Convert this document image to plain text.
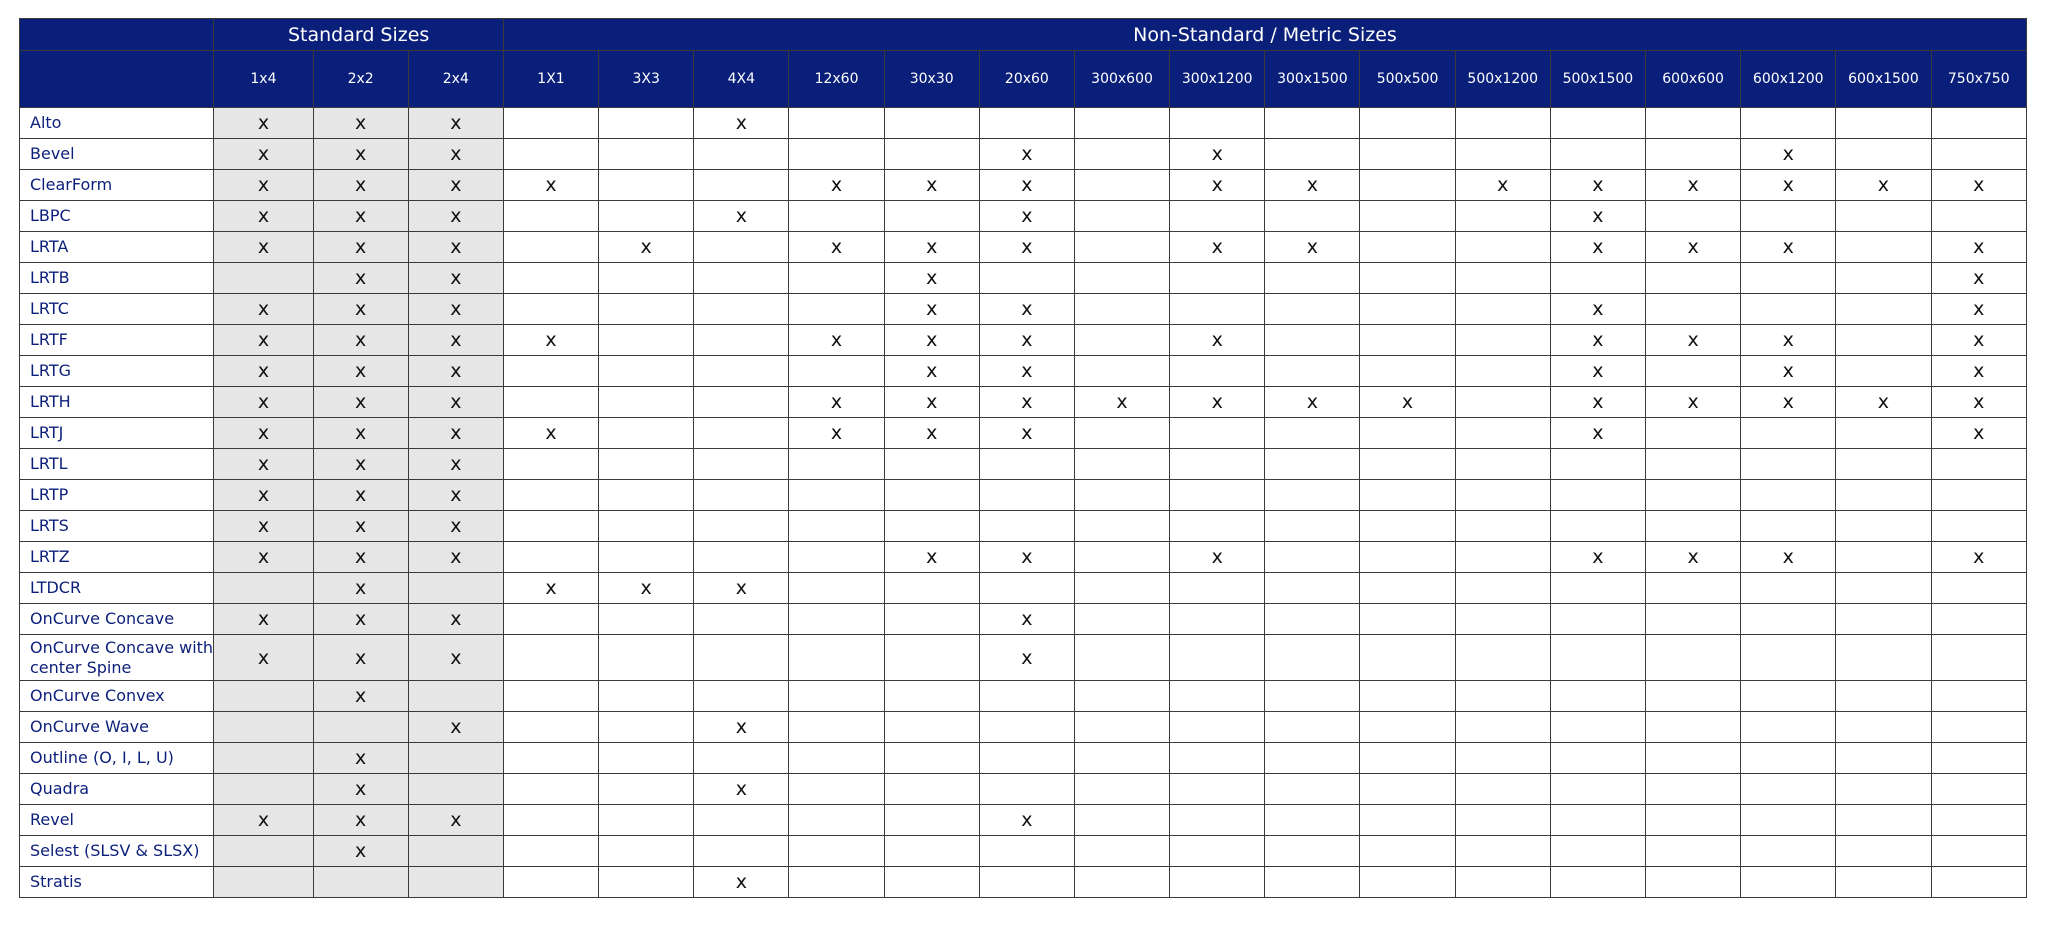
	Standard Sizes			Non-Standard / Metric Sizes															
	1x4	2x2	2x4	1X1	3X3	4X4	12x60	30x30	20x60	300x600	300x1200	300x1500	500x500	500x1200	500x1500	600x600	600x1200	600x1500	750x750
Alto	x	x	x			x													
Bevel	x	x	x						x		x						x		
ClearForm	x	x	x	x			x	x	x		x	x		x	x	x	x	x	x
LBPC	x	x	x			x			x						x				
LRTA	x	x	x		x		x	x	x		x	x			x	x	x		x
LRTB		x	x					x											x
LRTC	x	x	x					x	x						x				x
LRTF	x	x	x	x			x	x	x		x				x	x	x		x
LRTG	x	x	x					x	x						x		x		x
LRTH	x	x	x				x	x	x	x	x	x	x		x	x	x	x	x
LRTJ	x	x	x	x			x	x	x						x				x
LRTL	x	x	x																
LRTP	x	x	x																
LRTS	x	x	x																
LRTZ	x	x	x					x	x		x				x	x	x		x
LTDCR		x		x	x	x													
OnCurve Concave	x	x	x						x										
OnCurve Concave with center Spine	x	x	x						x										
OnCurve Convex		x																	
OnCurve Wave			x			x													
Outline (O, I, L, U)		x																	
Quadra		x				x													
Revel	x	x	x						x										
Selest (SLSV & SLSX)		x																	
Stratis						x													
